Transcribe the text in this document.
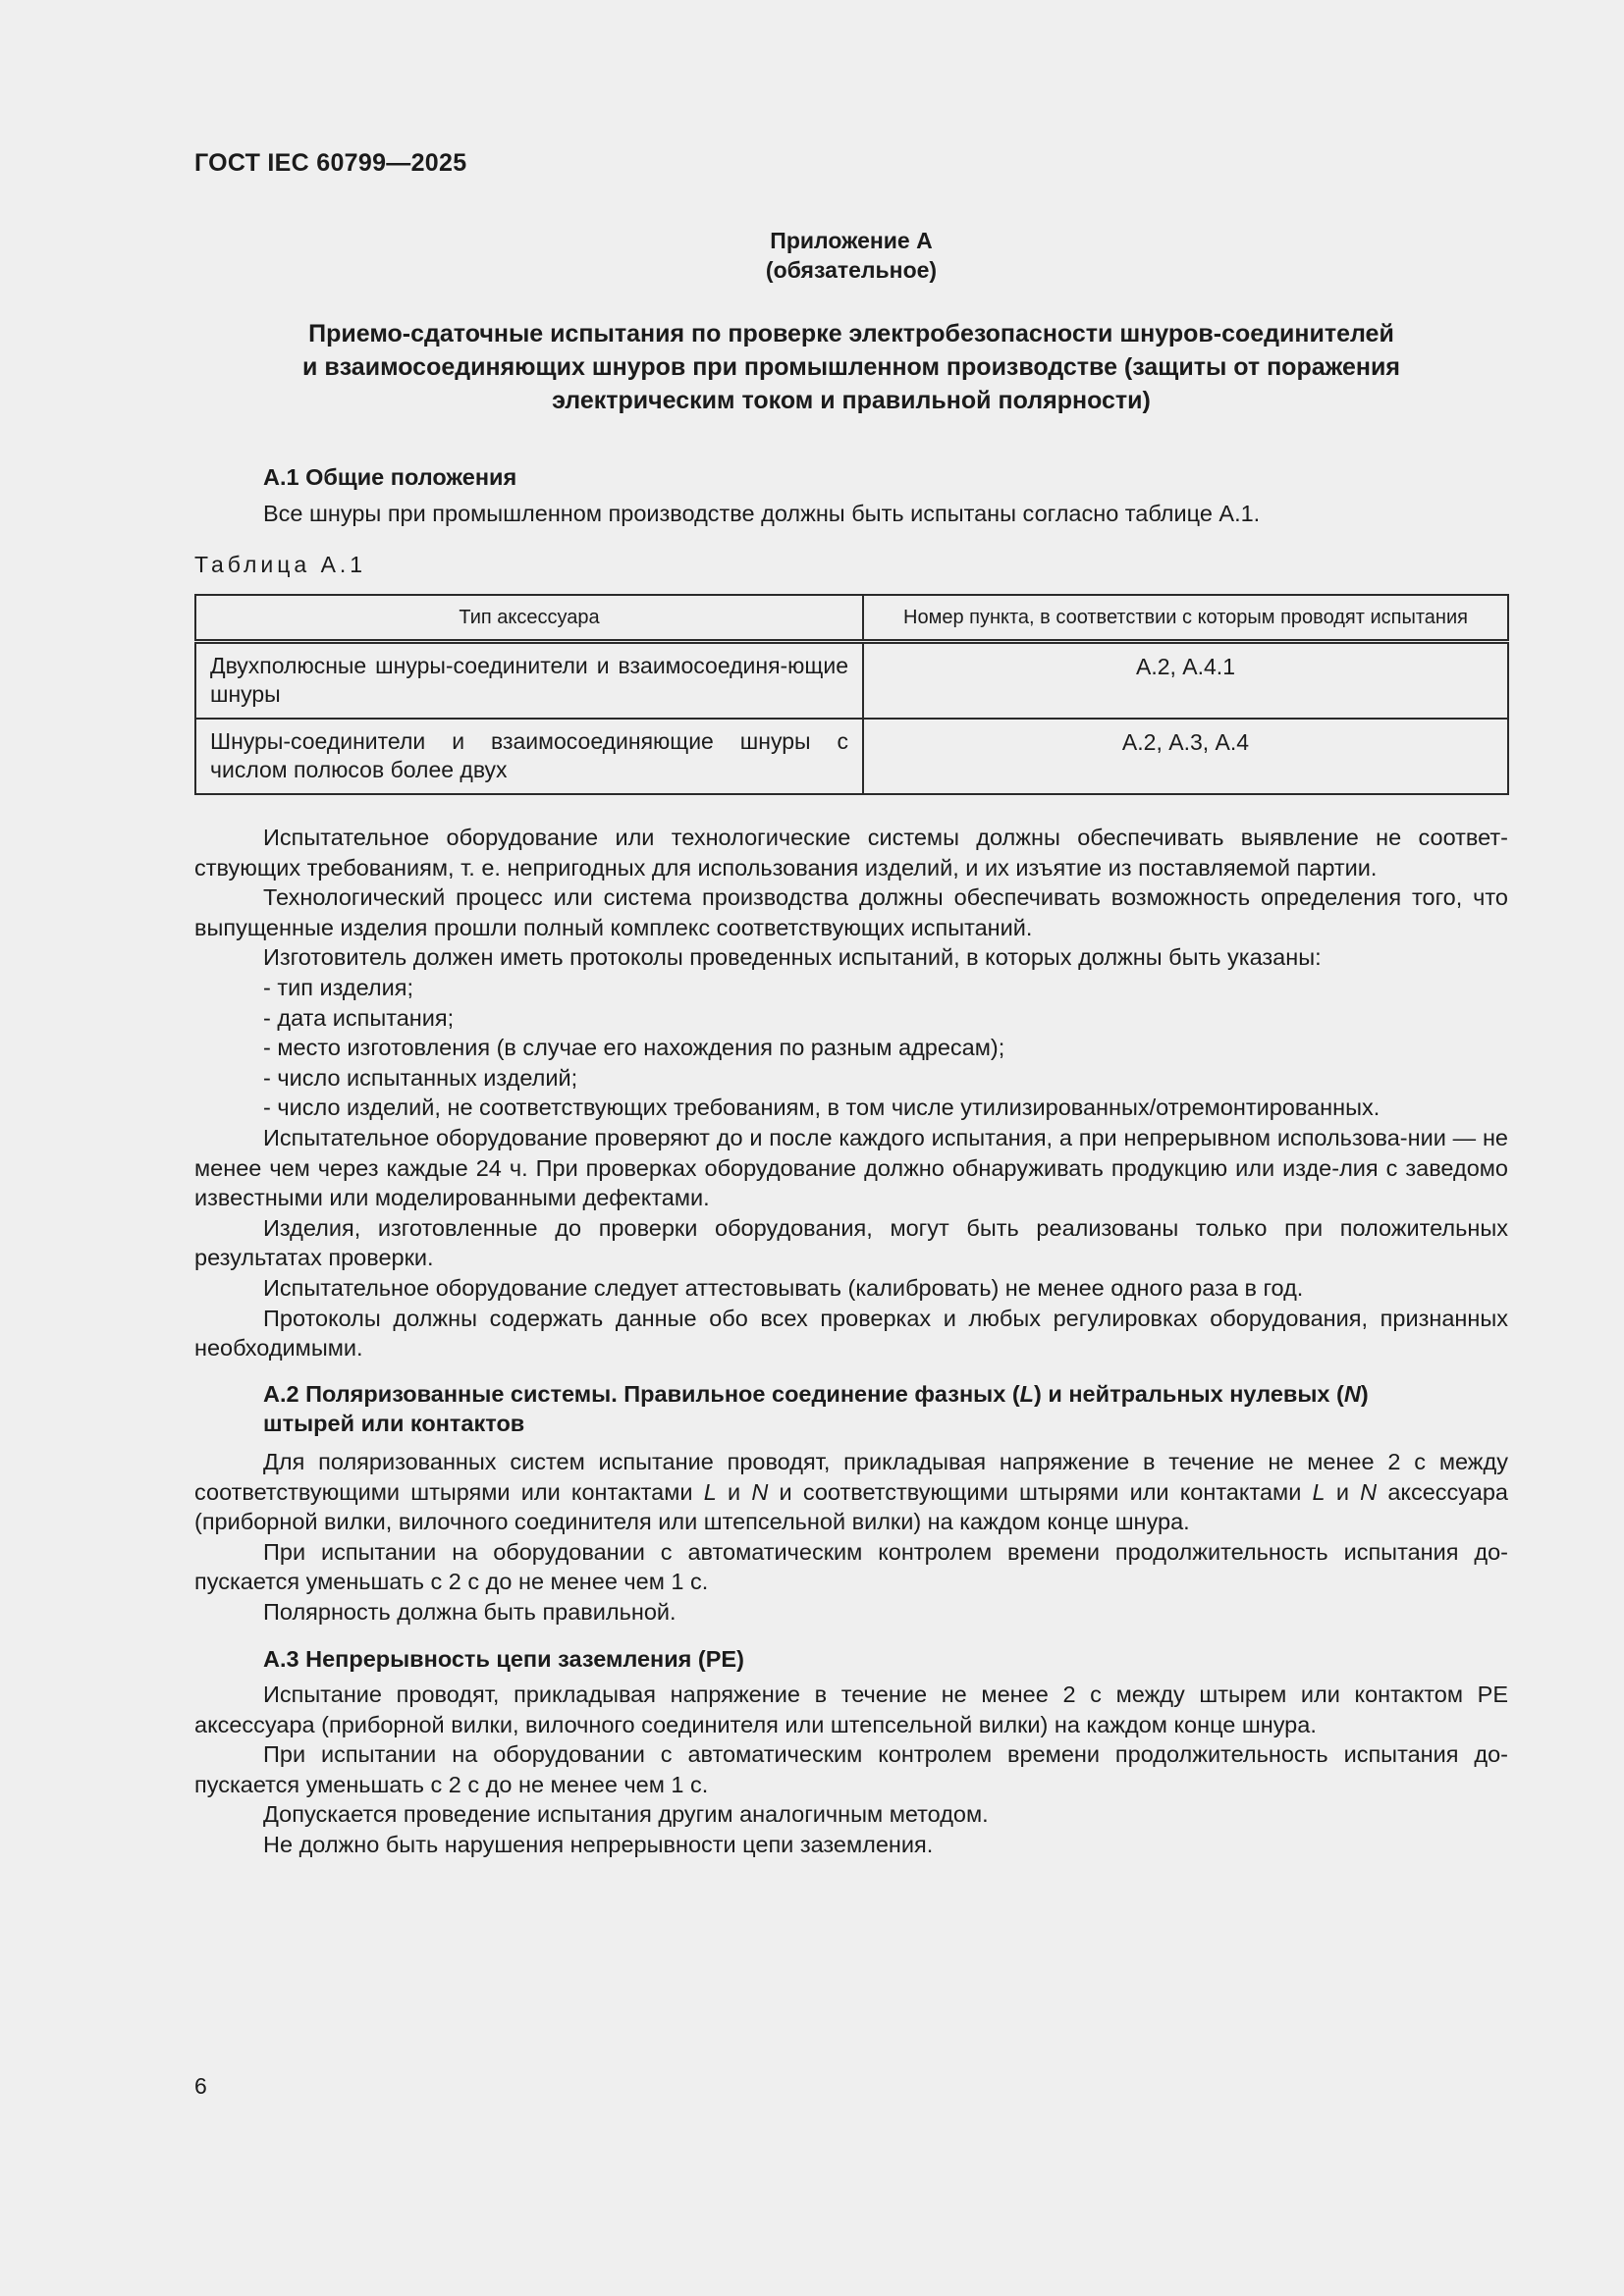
ГОСТ IEC 60799—2025
Приложение А
(обязательное)
Приемо-сдаточные испытания по проверке электробезопасности шнуров-соединителей
и взаимосоединяющих шнуров при промышленном производстве (защиты от поражения
электрическим током и правильной полярности)
А.1 Общие положения

Все шнуры при промышленном производстве должны быть испытаны согласно таблице А.1.

Таблица А.1
Тип аксессуара	Номер пункта, в соответствии с которым проводят испытания
Двухполюсные шнуры-соединители и взаимосоединя-ющие шнуры	А.2, А.4.1
Шнуры-соединители и взаимосоединяющие шнуры с числом полюсов более двух	А.2, А.3, А.4

Испытательное оборудование или технологические системы должны обеспечивать выявление не соответ-ствующих требованиям, т. е. непригодных для использования изделий, и их изъятие из поставляемой партии.

Технологический процесс или система производства должны обеспечивать возможность определения того, что выпущенные изделия прошли полный комплекс соответствующих испытаний.

Изготовитель должен иметь протоколы проведенных испытаний, в которых должны быть указаны:

- тип изделия;

- дата испытания;

- место изготовления (в случае его нахождения по разным адресам);

- число испытанных изделий;

- число изделий, не соответствующих требованиям, в том числе утилизированных/отремонтированных.

Испытательное оборудование проверяют до и после каждого испытания, а при непрерывном использова-нии — не менее чем через каждые 24 ч. При проверках оборудование должно обнаруживать продукцию или изде-лия с заведомо известными или моделированными дефектами.

Изделия, изготовленные до проверки оборудования, могут быть реализованы только при положительных результатах проверки.

Испытательное оборудование следует аттестовывать (калибровать) не менее одного раза в год.

Протоколы должны содержать данные обо всех проверках и любых регулировках оборудования, признанных необходимыми.

А.2 Поляризованные системы. Правильное соединение фазных (L) и нейтральных нулевых (N)
штырей или контактов

Для поляризованных систем испытание проводят, прикладывая напряжение в течение не менее 2 с между соответствующими штырями или контактами L и N и соответствующими штырями или контактами L и N аксессуара (приборной вилки, вилочного соединителя или штепсельной вилки) на каждом конце шнура.

При испытании на оборудовании с автоматическим контролем времени продолжительность испытания до-пускается уменьшать с 2 с до не менее чем 1 с.

Полярность должна быть правильной.

А.3 Непрерывность цепи заземления (PE)

Испытание проводят, прикладывая напряжение в течение не менее 2 с между штырем или контактом PE аксессуара (приборной вилки, вилочного соединителя или штепсельной вилки) на каждом конце шнура.

При испытании на оборудовании с автоматическим контролем времени продолжительность испытания до-пускается уменьшать с 2 с до не менее чем 1 с.

Допускается проведение испытания другим аналогичным методом.

Не должно быть нарушения непрерывности цепи заземления.

6
